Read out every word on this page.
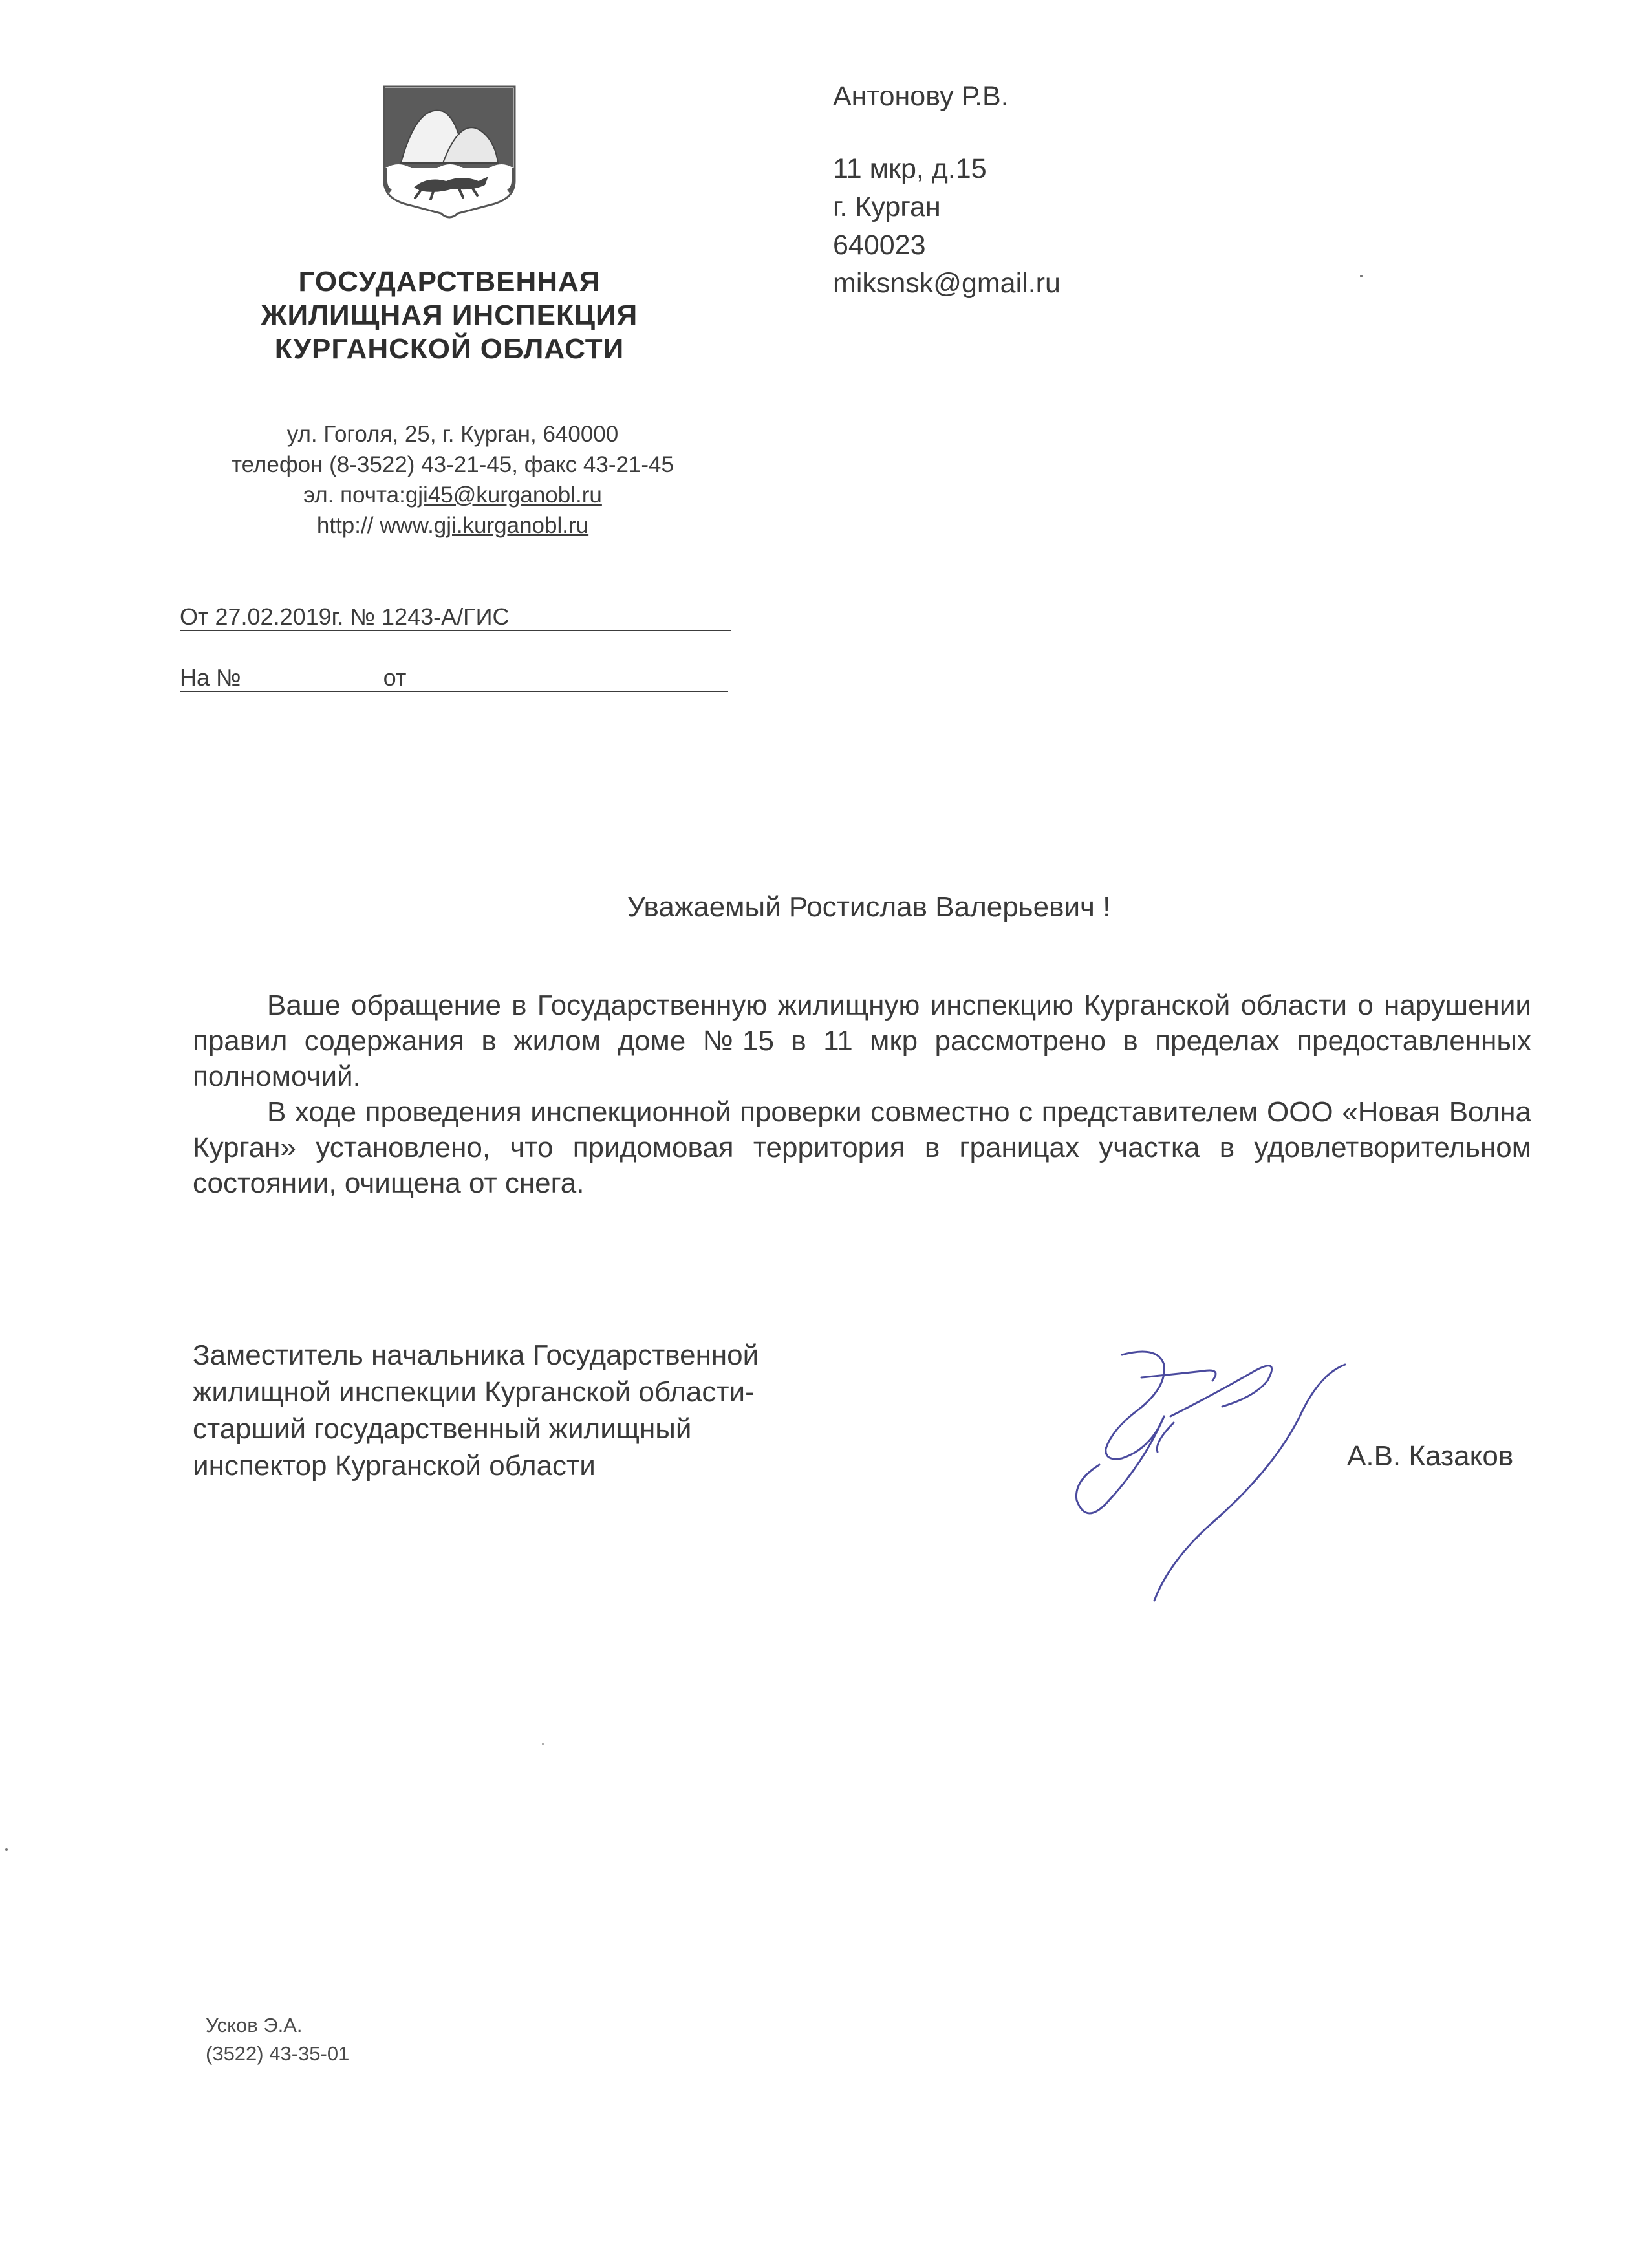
ГОСУДАРСТВЕННАЯ
ЖИЛИЩНАЯ ИНСПЕКЦИЯ
КУРГАНСКОЙ ОБЛАСТИ
ул. Гоголя, 25, г. Курган, 640000
телефон (8-3522) 43-21-45, факс 43-21-45
эл. почта:gji45@kurganobl.ru
http:// www.gji.kurganobl.ru
От 27.02.2019г. № 1243-А/ГИС
На №	от
Антонову Р.В.
11 мкр, д.15
г. Курган
640023
miksnsk@gmail.ru
Уважаемый Ростислав Валерьевич !

Ваше обращение в Государственную жилищную инспекцию Курганской области о нарушении правил содержания в жилом доме №15 в 11 мкр рассмотрено в пределах предоставленных полномочий.

В ходе проведения инспекционной проверки совместно с представителем ООО «Новая Волна Курган» установлено, что придомовая территория в границах участка в удовлетворительном состоянии, очищена от снега.

Заместитель начальника Государственной
жилищной инспекции Курганской области-
старший государственный жилищный
инспектор Курганской области	А.В. Казаков
Усков Э.А.
(3522) 43-35-01
